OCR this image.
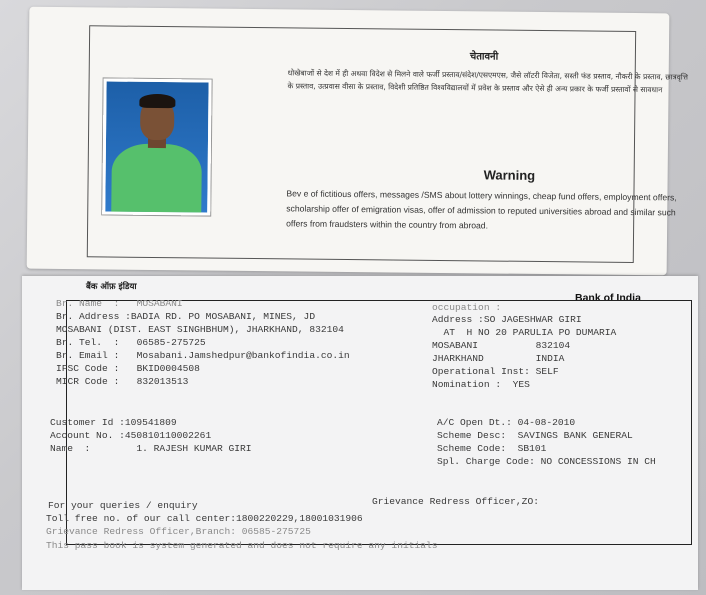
चेतावनी
धोखेबाजों से देश में ही अथवा विदेश से मिलने वाले फर्जी प्रस्ताव/संदेश/एसएमएस, जैसे लॉटरी विजेता, सस्ती फंड प्रस्ताव, नौकरी के प्रस्ताव, छात्रवृत्ति के प्रस्ताव, उत्प्रवास वीसा के प्रस्ताव, विदेशी प्रतिष्ठित विश्वविद्यालयों में प्रवेश के प्रस्ताव और ऐसे ही अन्य प्रकार के फर्जी प्रस्तावों से सावधान
Warning
Bev e of fictitious offers, messages /SMS about lottery winnings, cheap fund offers, employment offers, scholarship offer of emigration visas, offer of admission to reputed universities abroad and similar such offers from fraudsters within the country from abroad.
बैंक ऑफ़ इंडिया
Bank of India
Br. Name  :   MOSABANI
Br. Address :BADIA RD. PO MOSABANI, MINES, JD
MOSABANI (DIST. EAST SINGHBHUM), JHARKHAND, 832104
Br. Tel.  :   06585-275725
Br. Email :   Mosabani.Jamshedpur@bankofindia.co.in
IFSC Code :   BKID0004508
MICR Code :   832013513
occupation :
Address :SO JAGESHWAR GIRI
AT  H NO 20 PARULIA PO DUMARIA
MOSABANI          832104
JHARKHAND         INDIA
Operational Inst: SELF
Nomination :  YES
Customer Id :109541809
Account No. :450810110002261
Name  :        1. RAJESH KUMAR GIRI
A/C Open Dt.: 04-08-2010
Scheme Desc:  SAVINGS BANK GENERAL
Scheme Code:  SB101
Spl. Charge Code: NO CONCESSIONS IN CH
For your queries / enquiry	Grievance Redress Officer,ZO:
Toll free no. of our call center:1800220229,18001031906
Grievance Redress Officer,Branch: 06585-275725
This pass book is system generated and does not require any initials
